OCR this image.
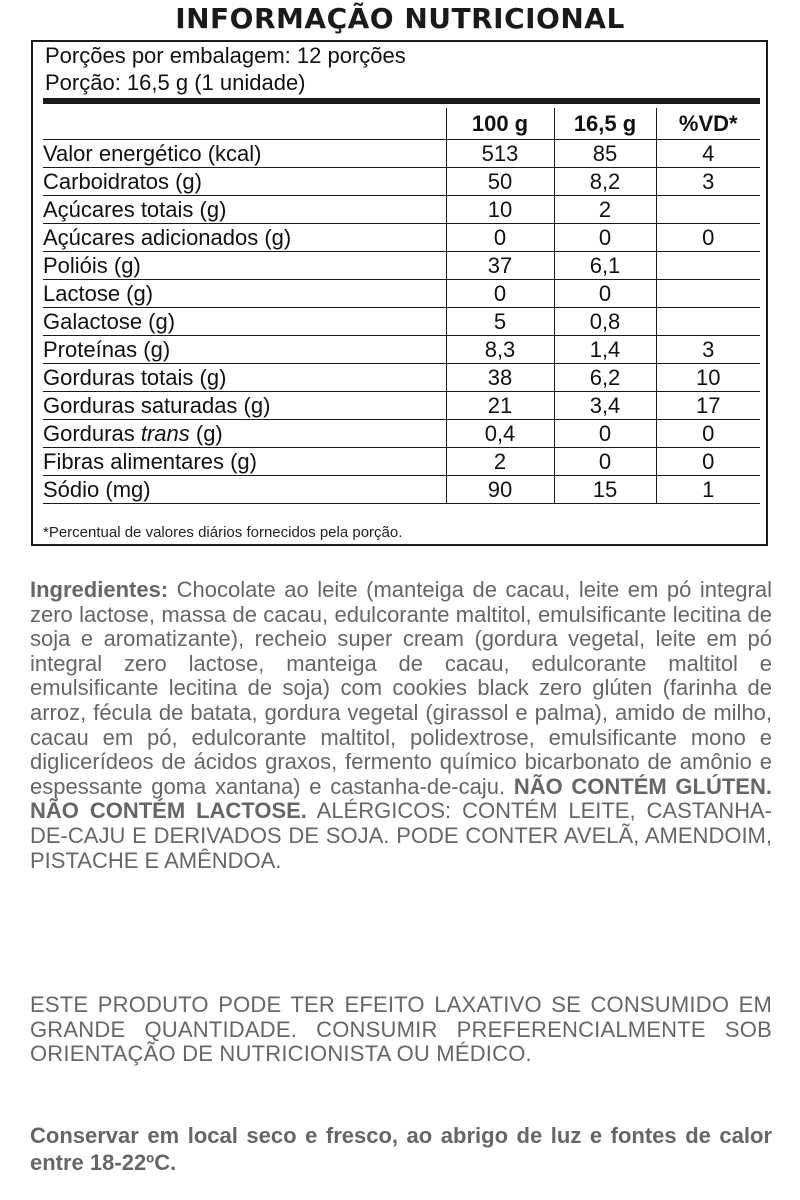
INFORMAÇÃO NUTRICIONAL
Porções por embalagem: 12 porções
Porção: 16,5 g (1 unidade)
	100 g	16,5 g	%VD*
Valor energético (kcal)	513	85	4
Carboidratos (g)	50	8,2	3
Açúcares totais (g)	10	2	
Açúcares adicionados (g)	0	0	0
Polióis (g)	37	6,1	
Lactose (g)	0	0	
Galactose (g)	5	0,8	
Proteínas (g)	8,3	1,4	3
Gorduras totais (g)	38	6,2	10
Gorduras saturadas (g)	21	3,4	17
Gorduras trans (g)	0,4	0	0
Fibras alimentares (g)	2	0	0
Sódio (mg)	90	15	1
*Percentual de valores diários fornecidos pela porção.
Ingredientes: Chocolate ao leite (manteiga de cacau, leite em pó integral zero lactose, massa de cacau, edulcorante maltitol, emulsificante lecitina de soja e aromatizante), recheio super cream (gordura vegetal, leite em pó integral zero lactose, manteiga de cacau, edulcorante maltitol e emulsificante lecitina de soja) com cookies black zero glúten (farinha de arroz, fécula de batata, gordura vegetal (girassol e palma), amido de milho, cacau em pó, edulcorante maltitol, polidextrose, emulsificante mono e diglicerídeos de ácidos graxos, fermento químico bicarbonato de amônio e espessante goma xantana) e castanha-de-caju. NÃO CONTÉM GLÚTEN. NÃO CONTÉM LACTOSE. ALÉRGICOS: CONTÉM LEITE, CASTANHA-DE-CAJU E DERIVADOS DE SOJA. PODE CONTER AVELÃ, AMENDOIM, PISTACHE E AMÊNDOA.
ESTE PRODUTO PODE TER EFEITO LAXATIVO SE CONSUMIDO EM GRANDE QUANTIDADE. CONSUMIR PREFERENCIALMENTE SOB ORIENTAÇÃO DE NUTRICIONISTA OU MÉDICO.
Conservar em local seco e fresco, ao abrigo de luz e fontes de calor entre 18-22ºC.
